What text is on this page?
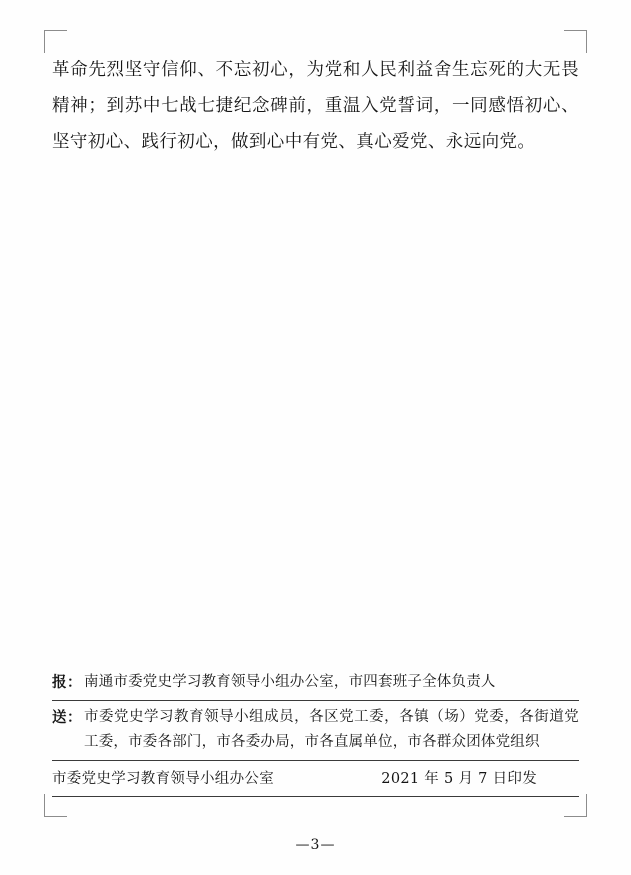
革命先烈坚守信仰、不忘初心，为党和人民利益舍生忘死的大无畏精神；到苏中七战七捷纪念碑前，重温入党誓词，一同感悟初心、坚守初心、践行初心，做到心中有党、真心爱党、永远向党。

报： 南通市委党史学习教育领导小组办公室，市四套班子全体负责人
送： 市委党史学习教育领导小组成员，各区党工委，各镇（场）党委，各街道党工委，市委各部门，市各委办局，市各直属单位，市各群众团体党组织
市委党史学习教育领导小组办公室	2021 年 5 月 7 日印发
—3—
